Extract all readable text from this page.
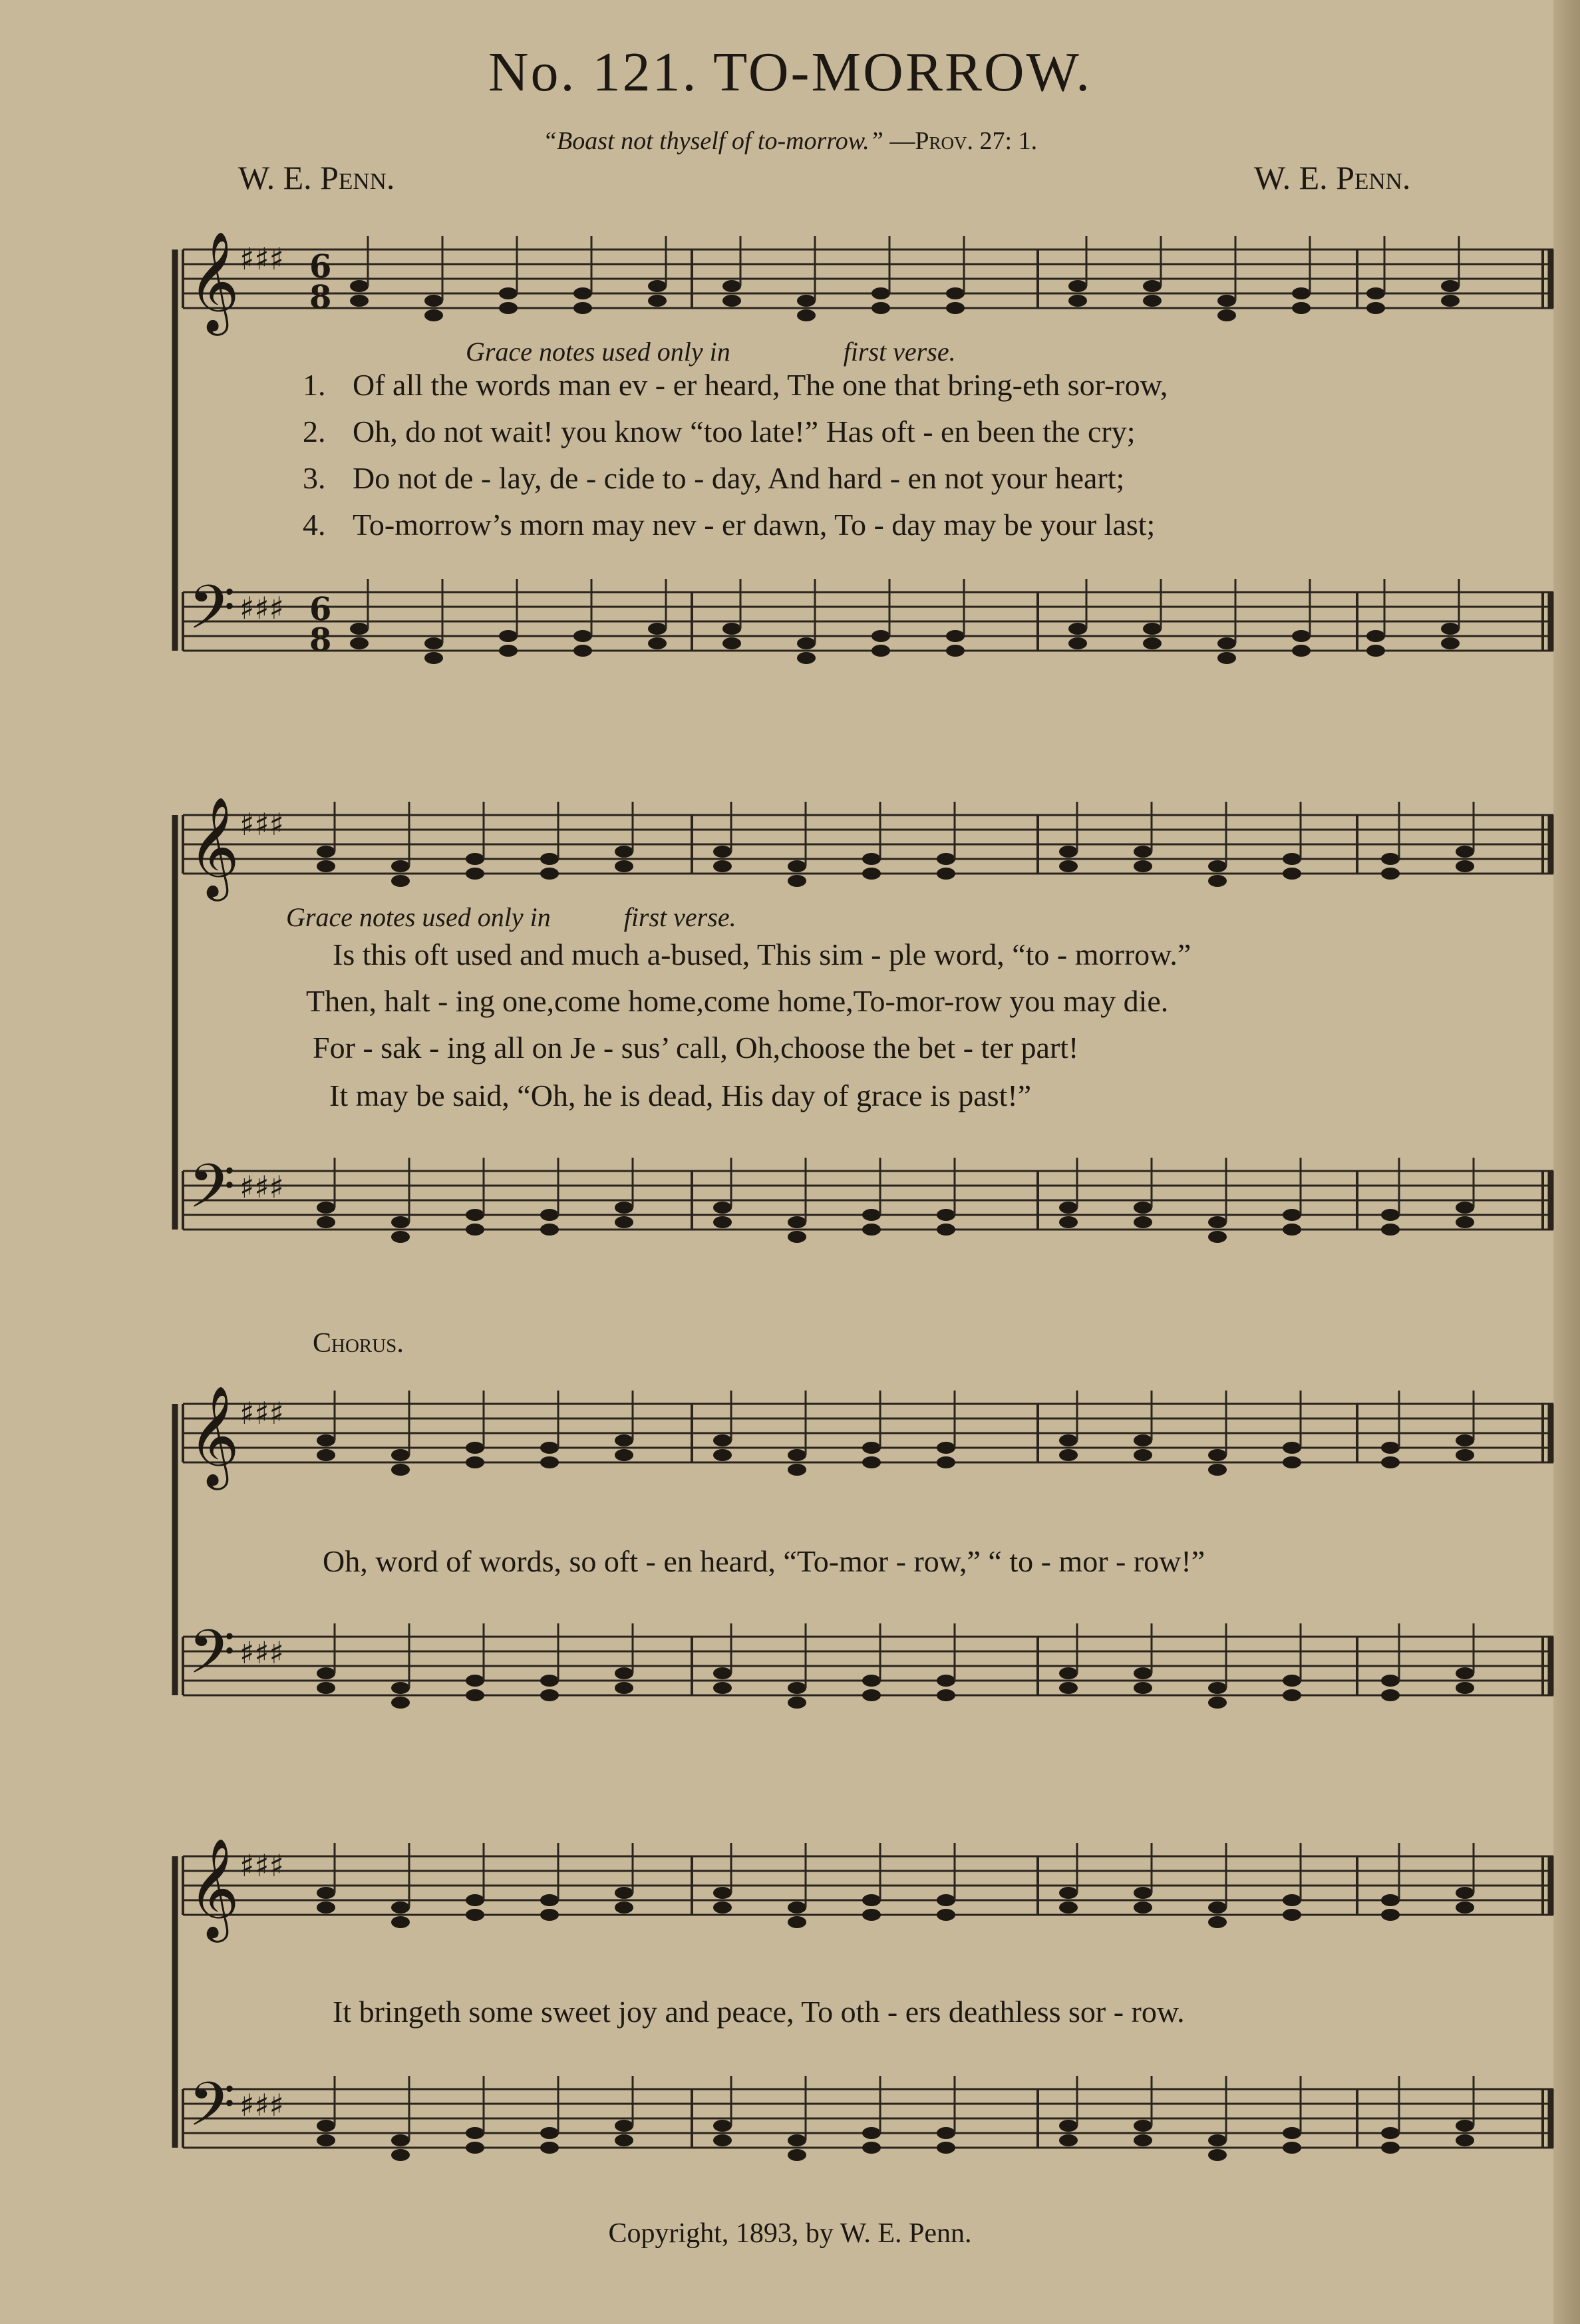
No. 121. TO-MORROW.
“Boast not thyself of to-morrow.” —Prov. 27: 1.
W. E. Penn.	W. E. Penn.
𝄞 ♯♯♯ 6
8
𝄢 ♯♯♯ 6
8
𝄞 ♯♯♯
𝄢 ♯♯♯
𝄞 ♯♯♯
𝄢 ♯♯♯
𝄞 ♯♯♯
𝄢 ♯♯♯
Grace notes used only in	first verse.
1. Of all the words man ev - er heard, The one that bring-eth sor-row,
2. Oh, do not wait! you know “too late!” Has oft - en been the cry;
3. Do not de - lay, de - cide to - day, And hard - en not your heart;
4. To-morrow’s morn may nev - er dawn, To - day may be your last;
Grace notes used only in	first verse.
Is this oft used and much a-bused, This sim - ple word, “to - morrow.”
Then, halt - ing one,come home,come home,To-mor-row you may die.
For - sak - ing all on Je - sus’ call, Oh,choose the bet - ter part!
It may be said, “Oh, he is dead, His day of grace is past!”
Chorus.
Oh, word of words, so oft - en heard, “To-mor - row,” “ to - mor - row!”
It bringeth some sweet joy and peace, To oth - ers deathless sor - row.
Copyright, 1893, by W. E. Penn.
